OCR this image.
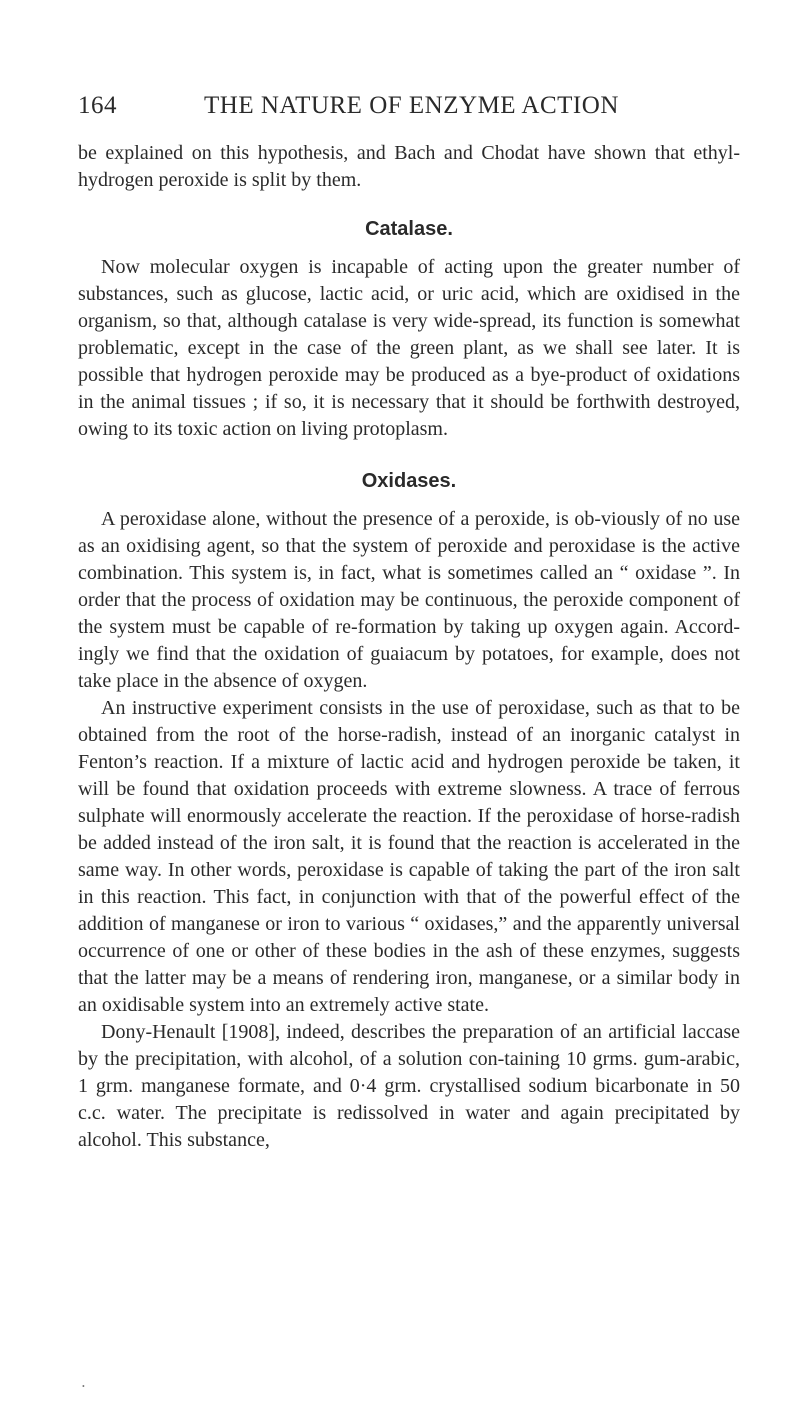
164	THE NATURE OF ENZYME ACTION

be explained on this hypothesis, and Bach and Chodat have shown that ethyl-hydrogen peroxide is split by them.

Catalase.

Now molecular oxygen is incapable of acting upon the greater number of substances, such as glucose, lactic acid, or uric acid, which are oxidised in the organism, so that, although catalase is very wide-spread, its function is somewhat problematic, except in the case of the green plant, as we shall see later. It is possible that hydrogen peroxide may be produced as a bye-product of oxidations in the animal tissues ; if so, it is necessary that it should be forthwith destroyed, owing to its toxic action on living protoplasm.

Oxidases.

A peroxidase alone, without the presence of a peroxide, is ob-viously of no use as an oxidising agent, so that the system of peroxide and peroxidase is the active combination. This system is, in fact, what is sometimes called an “ oxidase ”. In order that the process of oxidation may be continuous, the peroxide component of the system must be capable of re-formation by taking up oxygen again. Accord-ingly we find that the oxidation of guaiacum by potatoes, for example, does not take place in the absence of oxygen.

An instructive experiment consists in the use of peroxidase, such as that to be obtained from the root of the horse-radish, instead of an inorganic catalyst in Fenton’s reaction. If a mixture of lactic acid and hydrogen peroxide be taken, it will be found that oxidation proceeds with extreme slowness. A trace of ferrous sulphate will enormously accelerate the reaction. If the peroxidase of horse-radish be added instead of the iron salt, it is found that the reaction is accelerated in the same way. In other words, peroxidase is capable of taking the part of the iron salt in this reaction. This fact, in conjunction with that of the powerful effect of the addition of manganese or iron to various “ oxidases,” and the apparently universal occurrence of one or other of these bodies in the ash of these enzymes, suggests that the latter may be a means of rendering iron, manganese, or a similar body in an oxidisable system into an extremely active state.

Dony-Henault [1908], indeed, describes the preparation of an artificial laccase by the precipitation, with alcohol, of a solution con-taining 10 grms. gum-arabic, 1 grm. manganese formate, and 0·4 grm. crystallised sodium bicarbonate in 50 c.c. water. The precipitate is redissolved in water and again precipitated by alcohol. This substance,

•
